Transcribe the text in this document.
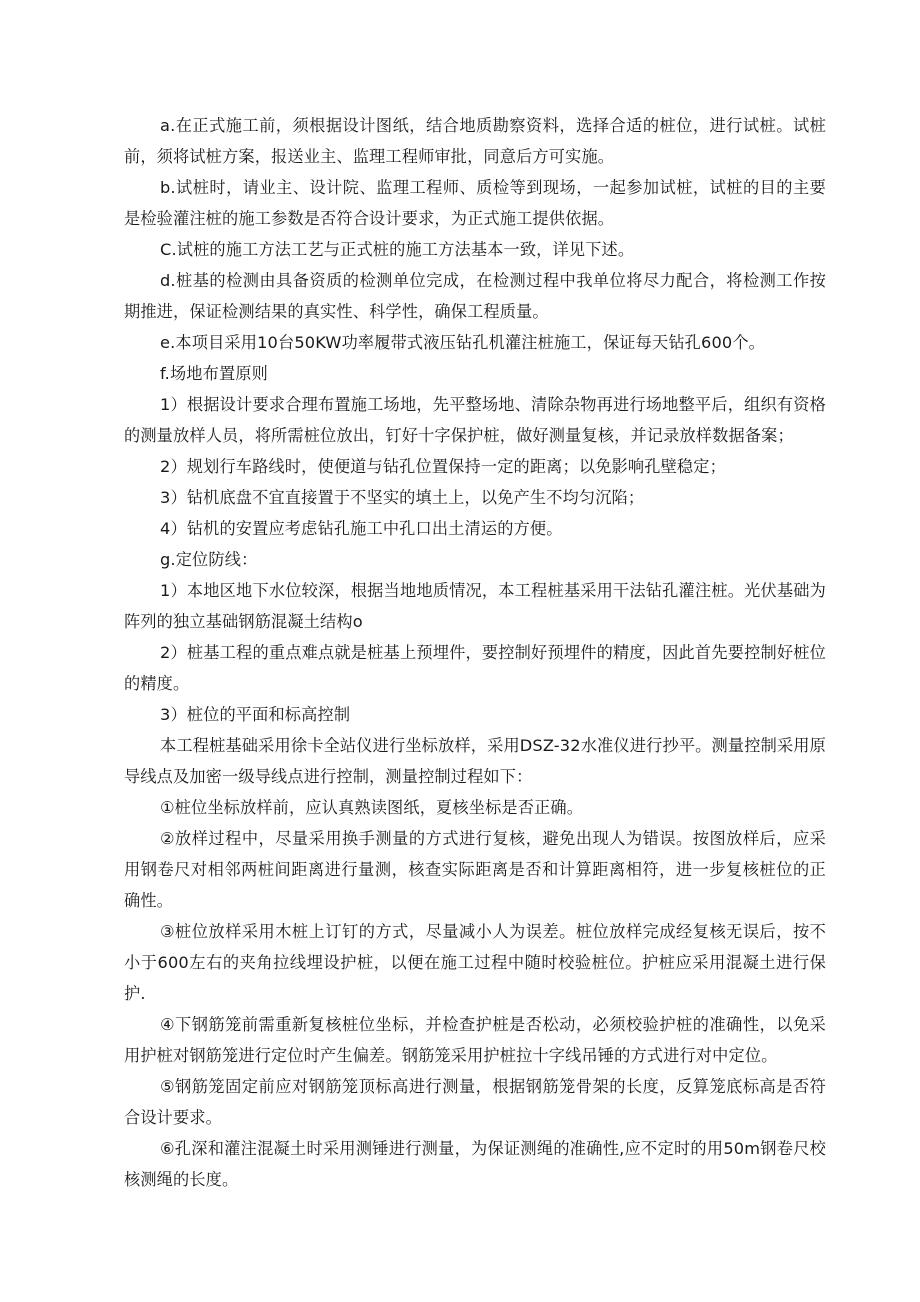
a.在正式施工前，须根据设计图纸，结合地质勘察资料，选择合适的桩位，进行试桩。试桩前，须将试桩方案，报送业主、监理工程师审批，同意后方可实施。

b.试桩时，请业主、设计院、监理工程师、质检等到现场，一起参加试桩，试桩的目的主要是检验灌注桩的施工参数是否符合设计要求，为正式施工提供依据。

C.试桩的施工方法工艺与正式桩的施工方法基本一致，详见下述。

d.桩基的检测由具备资质的检测单位完成，在检测过程中我单位将尽力配合，将检测工作按期推进，保证检测结果的真实性、科学性，确保工程质量。

e.本项目采用10台50KW功率履带式液压钻孔机灌注桩施工，保证每天钻孔600个。

f.场地布置原则

1）根据设计要求合理布置施工场地，先平整场地、清除杂物再进行场地整平后，组织有资格的测量放样人员，将所需桩位放出，钉好十字保护桩，做好测量复核，并记录放样数据备案；

2）规划行车路线时，使便道与钻孔位置保持一定的距离；以免影响孔壁稳定；

3）钻机底盘不宜直接置于不坚实的填土上，以免产生不均匀沉陷；

4）钻机的安置应考虑钻孔施工中孔口出土清运的方便。

g.定位防线：

1）本地区地下水位较深，根据当地地质情况，本工程桩基采用干法钻孔灌注桩。光伏基础为阵列的独立基础钢筋混凝土结构o

2）桩基工程的重点难点就是桩基上预埋件，要控制好预埋件的精度，因此首先要控制好桩位的精度。

3）桩位的平面和标高控制

本工程桩基础采用徐卡全站仪进行坐标放样，采用DSZ-32水准仪进行抄平。测量控制采用原导线点及加密一级导线点进行控制，测量控制过程如下：

①桩位坐标放样前，应认真熟读图纸，夏核坐标是否正确。

②放样过程中，尽量采用换手测量的方式进行复核，避免出现人为错误。按图放样后，应采用钢卷尺对相邻两桩间距离进行量测，核查实际距离是否和计算距离相符，进一步复核桩位的正确性。

③桩位放样采用木桩上订钉的方式，尽量减小人为误差。桩位放样完成经复核无误后，按不小于600左右的夹角拉线埋设护桩，以便在施工过程中随时校验桩位。护桩应采用混凝土进行保护.

④下钢筋笼前需重新复核桩位坐标，并检查护桩是否松动，必须校验护桩的准确性，以免采用护桩对钢筋笼进行定位时产生偏差。钢筋笼采用护桩拉十字线吊锤的方式进行对中定位。

⑤钢筋笼固定前应对钢筋笼顶标高进行测量，根据钢筋笼骨架的长度，反算笼底标高是否符合设计要求。

⑥孔深和灌注混凝土时采用测锤进行测量，为保证测绳的准确性,应不定时的用50m钢卷尺校核测绳的长度。
